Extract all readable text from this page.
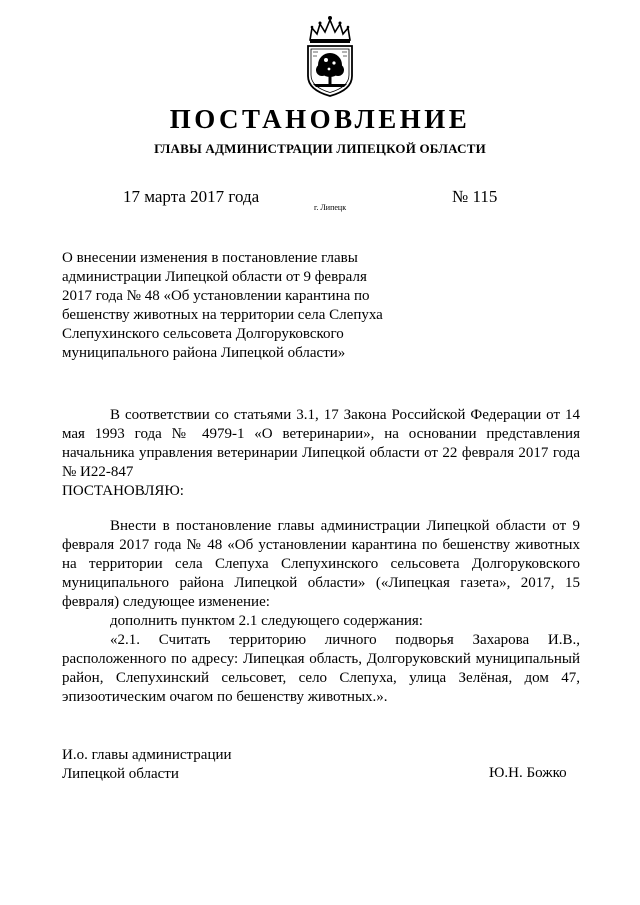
ПОСТАНОВЛЕНИЕ
ГЛАВЫ АДМИНИСТРАЦИИ ЛИПЕЦКОЙ ОБЛАСТИ
17 марта 2017 года
г. Липецк
№ 115
О внесении изменения в постановление главы
администрации Липецкой области от 9 февраля
2017 года № 48 «Об установлении карантина по
бешенству животных на территории села Слепуха
Слепухинского сельсовета Долгоруковского
муниципального района Липецкой области»

В соответствии со статьями 3.1, 17 Закона Российской Федерации от 14 мая 1993 года № 4979-1 «О ветеринарии», на основании представления начальника управления ветеринарии Липецкой области от 22 февраля 2017 года № И22-847

ПОСТАНОВЛЯЮ:

Внести в постановление главы администрации Липецкой области от 9 февраля 2017 года № 48 «Об установлении карантина по бешенству животных на территории села Слепуха Слепухинского сельсовета Долгоруковского муниципального района Липецкой области» («Липецкая газета», 2017, 15 февраля) следующее изменение:

дополнить пунктом 2.1 следующего содержания:

«2.1. Считать территорию личного подворья Захарова И.В., расположенного по адресу: Липецкая область, Долгоруковский муниципальный район, Слепухинский сельсовет, село Слепуха, улица Зелёная, дом 47, эпизоотическим очагом по бешенству животных.».

И.о. главы администрации
Липецкой области	Ю.Н. Божко
